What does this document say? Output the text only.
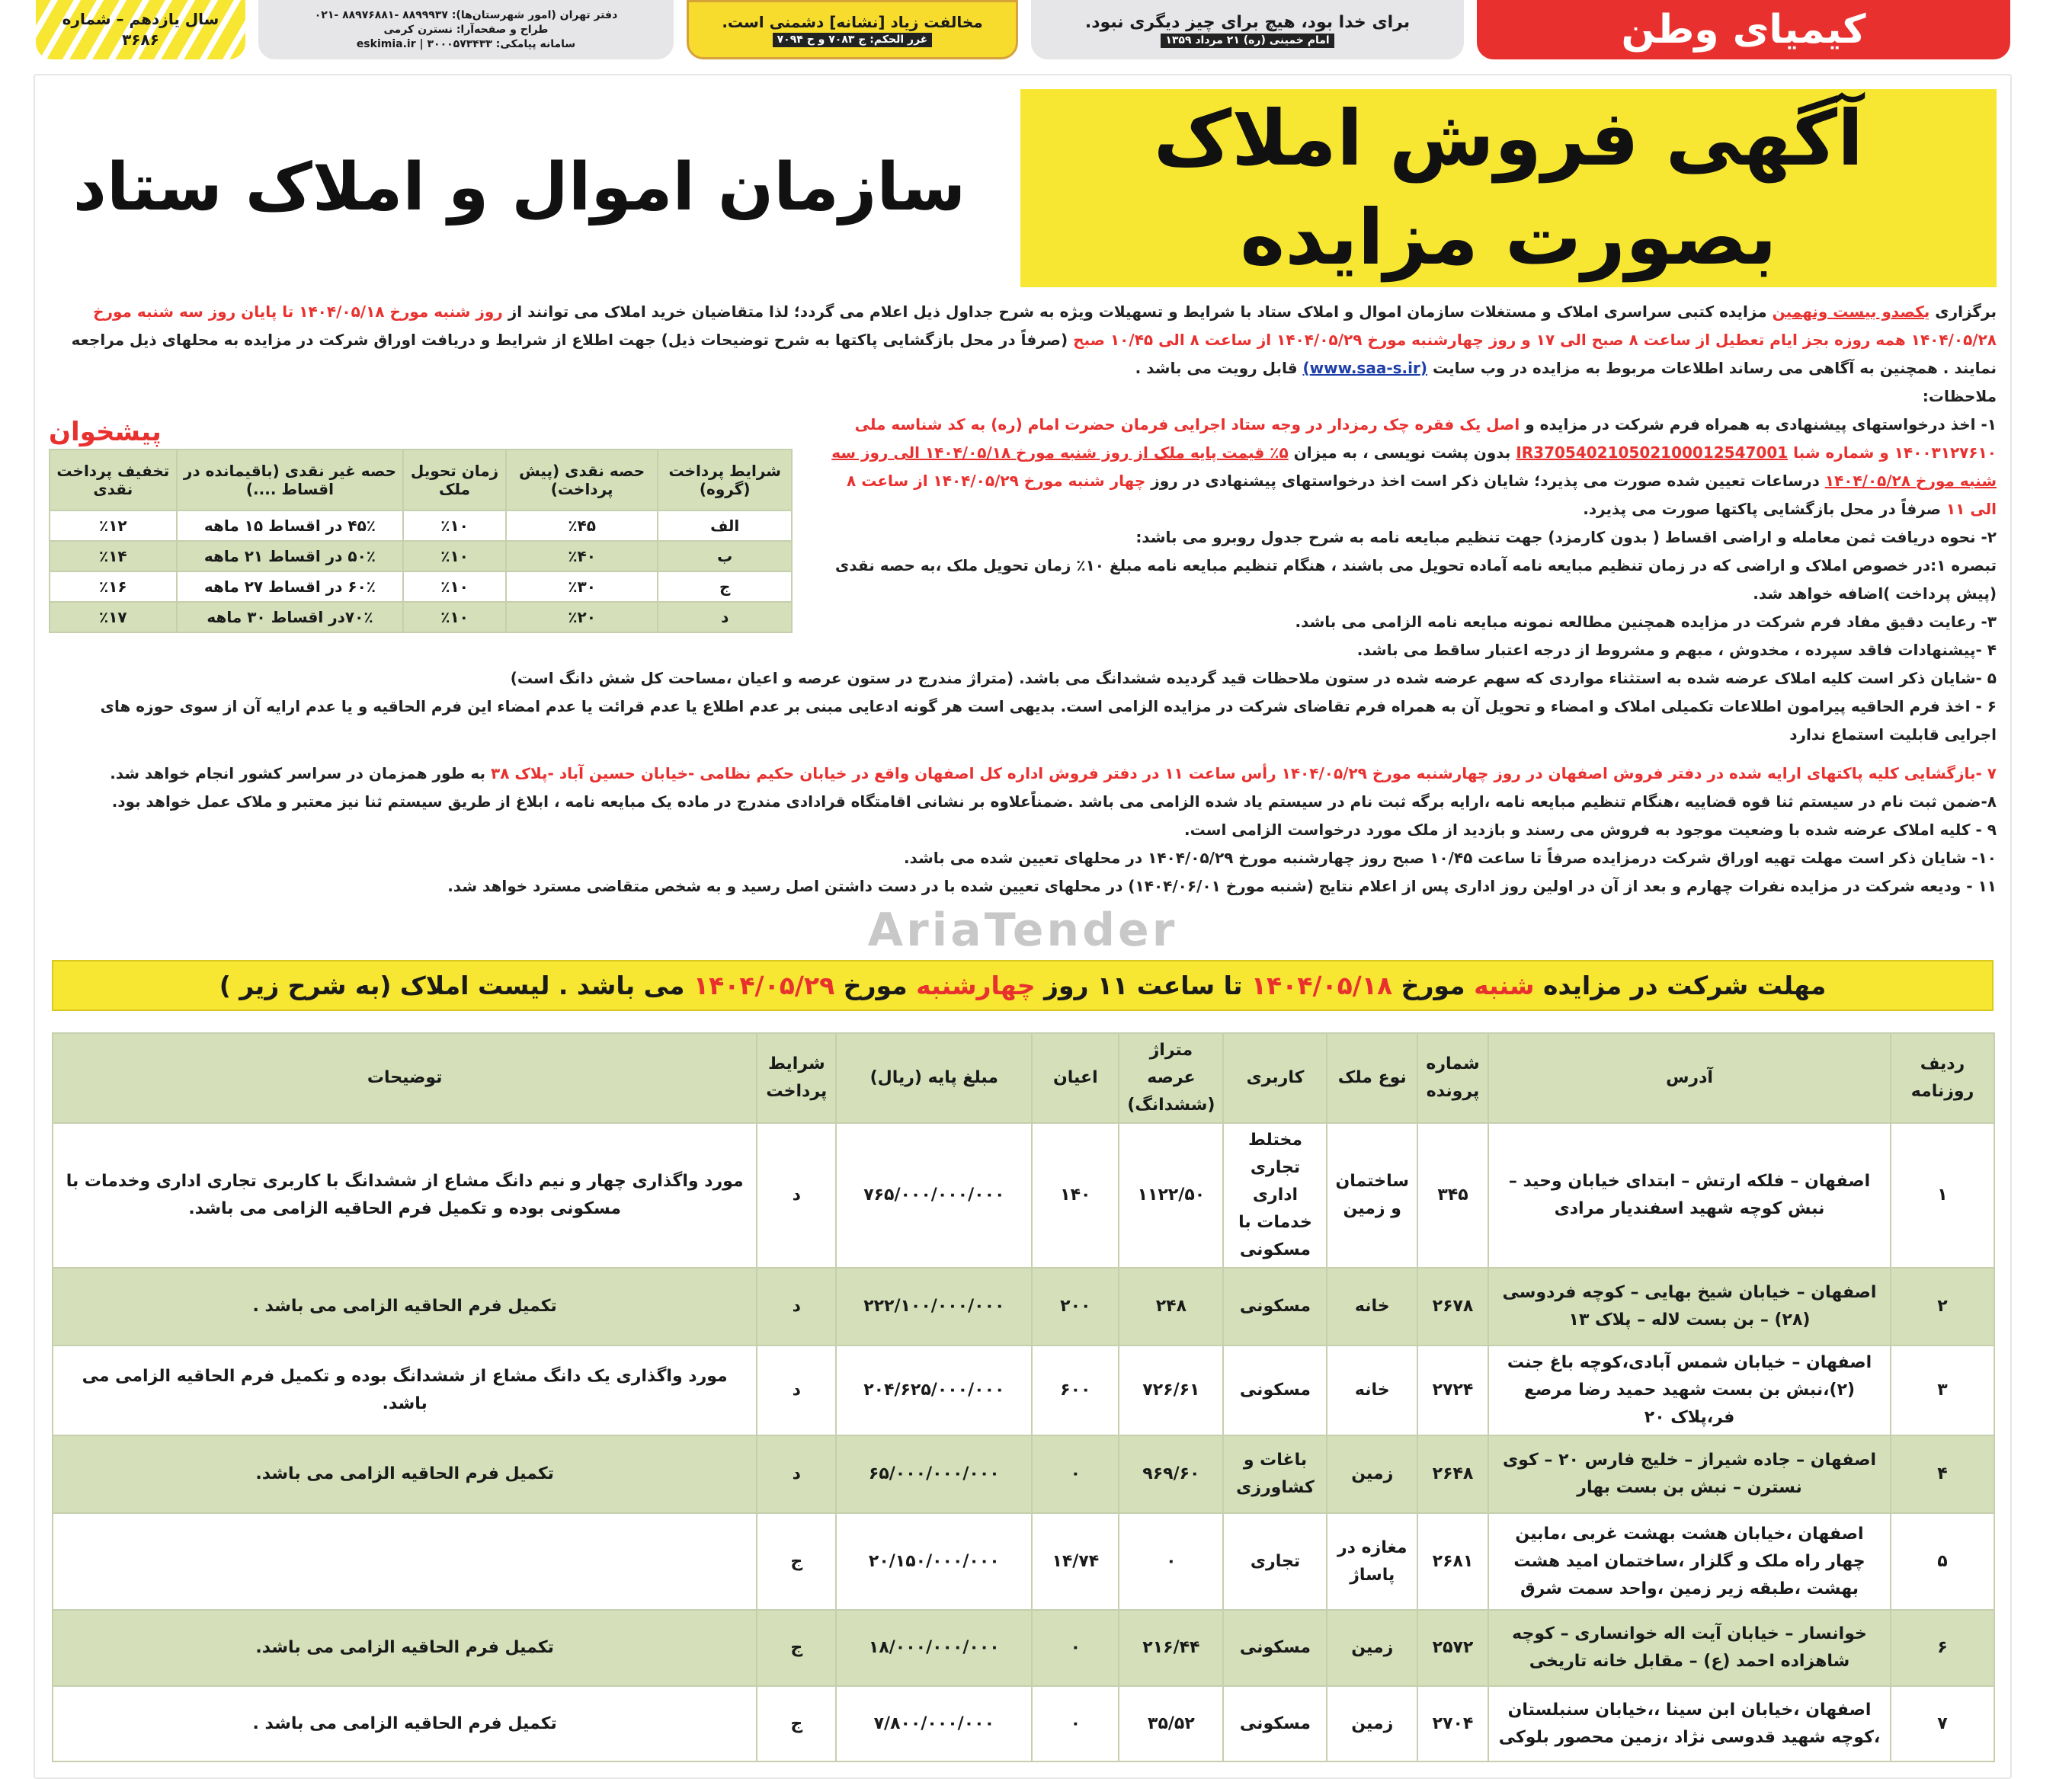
کیمیای وطن
برای خدا بود، هیچ برای چیز دیگری نبود.
امام خمینی (ره) ۲۱ مرداد ۱۳۵۹
مخالفت زیاد [نشانه] دشمنی است.
غرر الحکم: ج ۷۰۸۳ و ح ۷۰۹۴
دفتر تهران (امور شهرستان‌ها): ۸۸۹۹۹۳۷ -۸۸۹۷۶۸۸۱ -۰۲۱
طراح و صفحه‌آرا: نسترن کرمی
سامانه پیامکی: ۳۰۰۰۵۷۳۴۳۳ | eskimia.ir
سال یازدهم – شماره ۳۶۸۶
آگهی فروش املاک بصورت مزایده
سازمان اموال و املاک ستاد
برگزاری یکصدو بیست ونهمین مزایده کتبی سراسری املاک و مستغلات سازمان اموال و املاک ستاد با شرایط و تسهیلات ویژه به شرح جداول ذیل اعلام می گردد؛ لذا متقاضیان خرید املاک می توانند از روز شنبه مورخ ۱۴۰۴/۰۵/۱۸ تا پایان روز سه شنبه مورخ ۱۴۰۴/۰۵/۲۸ همه روزه بجز ایام تعطیل از ساعت ۸ صبح الی ۱۷ و روز چهارشنبه مورخ ۱۴۰۴/۰۵/۲۹ از ساعت ۸ الی ۱۰/۴۵ صبح (صرفاً در محل بازگشایی پاکتها به شرح توضیحات ذیل) جهت اطلاع از شرایط و دریافت اوراق شرکت در مزایده به محلهای ذیل مراجعه نمایند . همچنین به آگاهی می رساند اطلاعات مربوط به مزایده در وب سایت (www.saa-s.ir) قابل رویت می باشد .
ملاحظات:
پیشخوان
شرایط پرداخت (گروه)	حصه نقدی (پیش پرداخت)	زمان تحویل ملک	حصه غیر نقدی (باقیمانده در اقساط ....)	تخفیف پرداخت نقدی
الف	٪۴۵	٪۱۰	۴۵٪ در اقساط ۱۵ ماهه	٪۱۲
ب	٪۴۰	٪۱۰	۵۰٪ در اقساط ۲۱ ماهه	٪۱۴
ج	٪۳۰	٪۱۰	۶۰٪ در اقساط ۲۷ ماهه	٪۱۶
د	٪۲۰	٪۱۰	۷۰٪در اقساط ۳۰ ماهه	٪۱۷
۱- اخذ درخواستهای پیشنهادی به همراه فرم شرکت در مزایده و اصل یک فقره چک رمزدار در وجه ستاد اجرایی فرمان حضرت امام (ره) به کد شناسه ملی ۱۴۰۰۳۱۲۷۶۱۰ و شماره شبا IR370540210502100012547001 بدون پشت نویسی ، به میزان ۵٪ قیمت پایه ملک از روز شنبه مورخ ۱۴۰۴/۰۵/۱۸ الی روز سه شنبه مورخ ۱۴۰۴/۰۵/۲۸ درساعات تعیین شده صورت می پذیرد؛ شایان ذکر است اخذ درخواستهای پیشنهادی در روز چهار شنبه مورخ ۱۴۰۴/۰۵/۲۹ از ساعت ۸ الی ۱۱ صرفاً در محل بازگشایی پاکتها صورت می پذیرد.
۲- نحوه دریافت ثمن معامله و اراضی اقساط ( بدون کارمزد) جهت تنظیم مبایعه نامه به شرح جدول روبرو می باشد:
تبصره ۱:در خصوص املاک و اراضی که در زمان تنظیم مبایعه نامه آماده تحویل می باشند ، هنگام تنظیم مبایعه نامه مبلغ ۱۰٪ زمان تحویل ملک ،به حصه نقدی (پیش پرداخت )اضافه خواهد شد.
۳- رعایت دقیق مفاد فرم شرکت در مزایده همچنین مطالعه نمونه مبایعه نامه الزامی می باشد.
۴ -پیشنهادات فاقد سپرده ، مخدوش ، مبهم و مشروط از درجه اعتبار ساقط می باشد.
۵ -شایان ذکر است کلیه املاک عرضه شده به استثناء مواردی که سهم عرضه شده در ستون ملاحظات قید گردیده ششدانگ می باشد. (متراژ مندرج در ستون عرصه و اعیان ،مساحت کل شش دانگ است)
۶ - اخذ فرم الحاقیه پیرامون اطلاعات تکمیلی املاک و امضاء و تحویل آن به همراه فرم تقاضای شرکت در مزایده الزامی است. بدیهی است هر گونه ادعایی مبنی بر عدم اطلاع یا عدم قرائت یا عدم امضاء این فرم الحاقیه و یا عدم ارایه آن از سوی حوزه های اجرایی قابلیت استماع ندارد
۷ -بازگشایی کلیه پاکتهای ارایه شده در دفتر فروش اصفهان در روز چهارشنبه مورخ ۱۴۰۴/۰۵/۲۹ رأس ساعت ۱۱ در دفتر فروش اداره کل اصفهان واقع در خیابان حکیم نظامی -خیابان حسین آباد -پلاک ۳۸ به طور همزمان در سراسر کشور انجام خواهد شد.
۸-ضمن ثبت نام در سیستم ثنا قوه قضاییه ،هنگام تنظیم مبایعه نامه ،ارایه برگه ثبت نام در سیستم یاد شده الزامی می باشد .ضمناًعلاوه بر نشانی اقامتگاه قرادادی مندرج در ماده یک مبایعه نامه ، ابلاغ از طریق سیستم ثنا نیز معتبر و ملاک عمل خواهد بود.
۹ - کلیه املاک عرضه شده با وضعیت موجود به فروش می رسند و بازدید از ملک مورد درخواست الزامی است.
۱۰- شایان ذکر است مهلت تهیه اوراق شرکت درمزایده صرفاً تا ساعت ۱۰/۴۵ صبح روز چهارشنبه مورخ ۱۴۰۴/۰۵/۲۹ در محلهای تعیین شده می باشد.
۱۱ - ودیعه شرکت در مزایده نفرات چهارم و بعد از آن در اولین روز اداری پس از اعلام نتایج (شنبه مورخ ۱۴۰۴/۰۶/۰۱) در محلهای تعیین شده با در دست داشتن اصل رسید و به شخص متقاضی مسترد خواهد شد.
AriaTender
مهلت شرکت در مزایده

شنبه

مورخ

۱۴۰۴/۰۵/۱۸

تا ساعت ۱۱ روز

چهارشنبه

مورخ

۱۴۰۴/۰۵/۲۹

می باشد . لیست املاک (به شرح زیر )
ردیف روزنامه	آدرس	شماره پرونده	نوع ملک	کاربری	متراژ عرصه (ششدانگ)	اعیان	مبلغ پایه (ریال)	شرایط پرداخت	توضیحات
۱	اصفهان – فلکه ارتش – ابتدای خیابان وحید –نبش کوچه شهید اسفندیار مرادی	۳۴۵	ساختمان و زمین	مختلط تجاری اداری خدمات با مسکونی	۱۱۲۲/۵۰	۱۴۰	۷۶۵/۰۰۰/۰۰۰/۰۰۰	د	مورد واگذاری چهار و نیم دانگ مشاع از ششدانگ با کاربری تجاری اداری وخدمات با مسکونی بوده و تکمیل فرم الحاقیه الزامی می باشد.
۲	اصفهان – خیابان شیخ بهایی – کوچه فردوسی (۲۸) – بن بست لاله – پلاک ۱۳	۲۶۷۸	خانه	مسکونی	۲۴۸	۲۰۰	۲۲۲/۱۰۰/۰۰۰/۰۰۰	د	تکمیل فرم الحاقیه الزامی می باشد .
۳	اصفهان – خیابان شمس آبادی،کوچه باغ جنت (۲)،نبش بن بست شهید حمید رضا مرصع فر،پلاک ۲۰	۲۷۲۴	خانه	مسکونی	۷۲۶/۶۱	۶۰۰	۲۰۴/۶۲۵/۰۰۰/۰۰۰	د	مورد واگذاری یک دانگ مشاع از ششدانگ بوده و تکمیل فرم الحاقیه الزامی می باشد.
۴	اصفهان – جاده شیراز – خلیج فارس ۲۰ – کوی نسترن – نبش بن بست بهار	۲۶۴۸	زمین	باغات و کشاورزی	۹۶۹/۶۰	۰	۶۵/۰۰۰/۰۰۰/۰۰۰	د	تکمیل فرم الحاقیه الزامی می باشد.
۵	اصفهان ،خیابان هشت بهشت غربی ،مابین چهار راه ملک و گلزار ،ساختمان امید هشت بهشت ،طبقه زیر زمین ،واحد سمت شرق	۲۶۸۱	مغازه در پاساژ	تجاری	۰	۱۴/۷۴	۲۰/۱۵۰/۰۰۰/۰۰۰	ج	
۶	خوانسار – خیابان آیت اله خوانساری – کوچه شاهزاده احمد (ع) – مقابل خانه تاریخی	۲۵۷۲	زمین	مسکونی	۲۱۶/۴۴	۰	۱۸/۰۰۰/۰۰۰/۰۰۰	ج	تکمیل فرم الحاقیه الزامی می باشد.
۷	اصفهان ،خیابان ابن سینا ،،خیابان سنبلستان ،کوچه شهید قدوسی نژاد ،زمین محصور بلوکی	۲۷۰۴	زمین	مسکونی	۳۵/۵۲	۰	۷/۸۰۰/۰۰۰/۰۰۰	ج	تکمیل فرم الحاقیه الزامی می باشد .
